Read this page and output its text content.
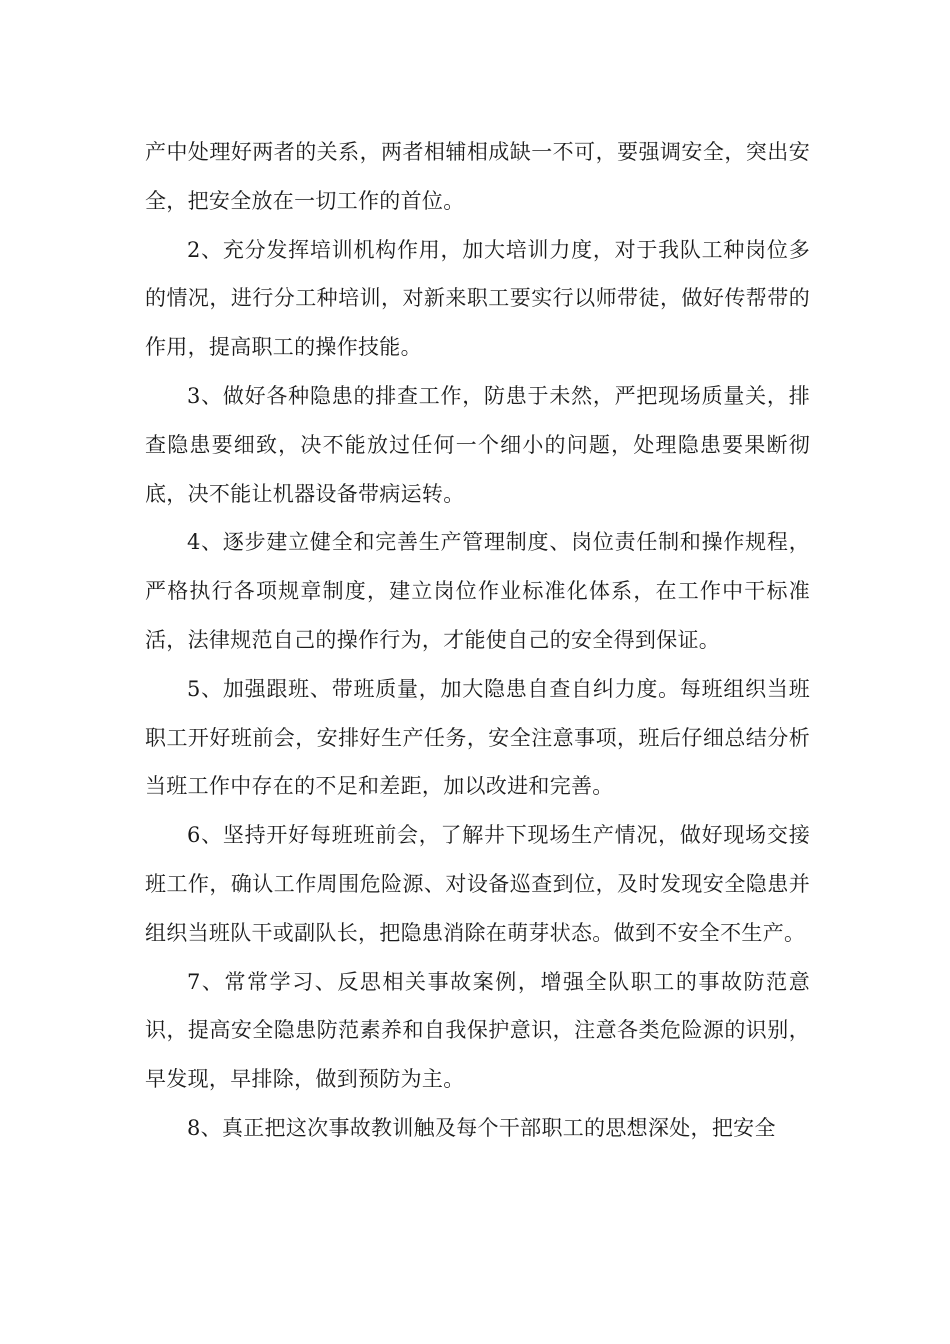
产中处理好两者的关系，两者相辅相成缺一不可，要强调安全，突出安全，把安全放在一切工作的首位。

2、充分发挥培训机构作用，加大培训力度，对于我队工种岗位多的情况，进行分工种培训，对新来职工要实行以师带徒，做好传帮带的作用，提高职工的操作技能。

3、做好各种隐患的排查工作，防患于未然，严把现场质量关，排查隐患要细致，决不能放过任何一个细小的问题，处理隐患要果断彻底，决不能让机器设备带病运转。

4、逐步建立健全和完善生产管理制度、岗位责任制和操作规程，严格执行各项规章制度，建立岗位作业标准化体系，在工作中干标准活，法律规范自己的操作行为，才能使自己的安全得到保证。

5、加强跟班、带班质量，加大隐患自查自纠力度。每班组织当班职工开好班前会，安排好生产任务，安全注意事项，班后仔细总结分析当班工作中存在的不足和差距，加以改进和完善。

6、坚持开好每班班前会，了解井下现场生产情况，做好现场交接班工作，确认工作周围危险源、对设备巡查到位，及时发现安全隐患并组织当班队干或副队长，把隐患消除在萌芽状态。做到不安全不生产。

7、常常学习、反思相关事故案例，增强全队职工的事故防范意识，提高安全隐患防范素养和自我保护意识，注意各类危险源的识别，早发现，早排除，做到预防为主。

8、真正把这次事故教训触及每个干部职工的思想深处，把安全
